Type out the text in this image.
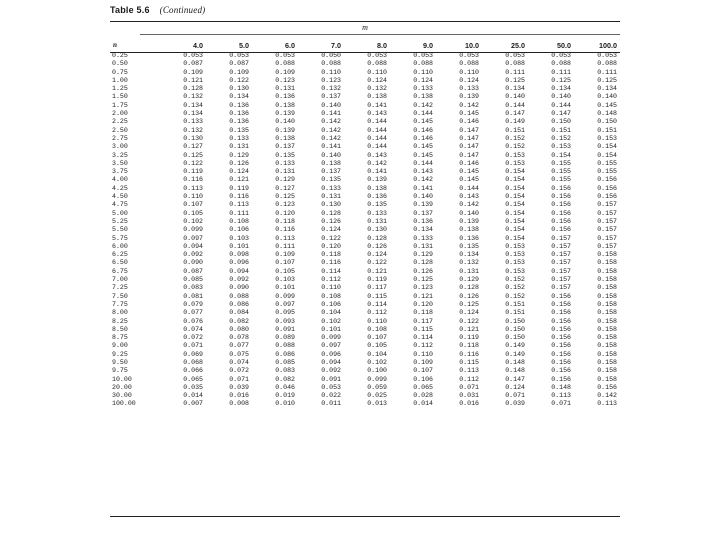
Table 5.6 (Continued)
m
n	4.0	5.0	6.0	7.0	8.0	9.0	10.0	25.0	50.0	100.0
0.25	0.053	0.053	0.053	0.050	0.053	0.053	0.053	0.053	0.053	0.053
0.50	0.087	0.087	0.088	0.088	0.088	0.088	0.088	0.088	0.088	0.088
0.75	0.109	0.109	0.109	0.110	0.110	0.110	0.110	0.111	0.111	0.111
1.00	0.121	0.122	0.123	0.123	0.124	0.124	0.124	0.125	0.125	0.125
1.25	0.128	0.130	0.131	0.132	0.132	0.133	0.133	0.134	0.134	0.134
1.50	0.132	0.134	0.136	0.137	0.138	0.138	0.139	0.140	0.140	0.140
1.75	0.134	0.136	0.138	0.140	0.141	0.142	0.142	0.144	0.144	0.145
2.00	0.134	0.136	0.139	0.141	0.143	0.144	0.145	0.147	0.147	0.148
2.25	0.133	0.136	0.140	0.142	0.144	0.145	0.146	0.149	0.150	0.150
2.50	0.132	0.135	0.139	0.142	0.144	0.146	0.147	0.151	0.151	0.151
2.75	0.130	0.133	0.138	0.142	0.144	0.146	0.147	0.152	0.152	0.153
3.00	0.127	0.131	0.137	0.141	0.144	0.145	0.147	0.152	0.153	0.154
3.25	0.125	0.129	0.135	0.140	0.143	0.145	0.147	0.153	0.154	0.154
3.50	0.122	0.126	0.133	0.138	0.142	0.144	0.146	0.153	0.155	0.155
3.75	0.119	0.124	0.131	0.137	0.141	0.143	0.145	0.154	0.155	0.155
4.00	0.116	0.121	0.129	0.135	0.139	0.142	0.145	0.154	0.155	0.156
4.25	0.113	0.119	0.127	0.133	0.138	0.141	0.144	0.154	0.156	0.156
4.50	0.110	0.116	0.125	0.131	0.136	0.140	0.143	0.154	0.156	0.156
4.75	0.107	0.113	0.123	0.130	0.135	0.139	0.142	0.154	0.156	0.157
5.00	0.105	0.111	0.120	0.128	0.133	0.137	0.140	0.154	0.156	0.157
5.25	0.102	0.108	0.118	0.126	0.131	0.136	0.139	0.154	0.156	0.157
5.50	0.099	0.106	0.116	0.124	0.130	0.134	0.138	0.154	0.156	0.157
5.75	0.097	0.103	0.113	0.122	0.128	0.133	0.136	0.154	0.157	0.157
6.00	0.094	0.101	0.111	0.120	0.126	0.131	0.135	0.153	0.157	0.157
6.25	0.092	0.098	0.109	0.118	0.124	0.129	0.134	0.153	0.157	0.158
6.50	0.090	0.096	0.107	0.116	0.122	0.128	0.132	0.153	0.157	0.158
6.75	0.087	0.094	0.105	0.114	0.121	0.126	0.131	0.153	0.157	0.158
7.00	0.085	0.092	0.103	0.112	0.119	0.125	0.129	0.152	0.157	0.158
7.25	0.083	0.090	0.101	0.110	0.117	0.123	0.128	0.152	0.157	0.158
7.50	0.081	0.088	0.099	0.108	0.115	0.121	0.126	0.152	0.156	0.158
7.75	0.079	0.086	0.097	0.106	0.114	0.120	0.125	0.151	0.156	0.158
8.00	0.077	0.084	0.095	0.104	0.112	0.118	0.124	0.151	0.156	0.158
8.25	0.076	0.082	0.093	0.102	0.110	0.117	0.122	0.150	0.156	0.158
8.50	0.074	0.080	0.091	0.101	0.108	0.115	0.121	0.150	0.156	0.158
8.75	0.072	0.078	0.089	0.099	0.107	0.114	0.119	0.150	0.156	0.158
9.00	0.071	0.077	0.088	0.097	0.105	0.112	0.118	0.149	0.156	0.158
9.25	0.069	0.075	0.086	0.096	0.104	0.110	0.116	0.149	0.156	0.158
9.50	0.068	0.074	0.085	0.094	0.102	0.109	0.115	0.148	0.156	0.158
9.75	0.066	0.072	0.083	0.092	0.100	0.107	0.113	0.148	0.156	0.158
10.00	0.065	0.071	0.082	0.091	0.099	0.106	0.112	0.147	0.156	0.158
20.00	0.035	0.039	0.046	0.053	0.059	0.065	0.071	0.124	0.148	0.156
30.00	0.014	0.016	0.019	0.022	0.025	0.028	0.031	0.071	0.113	0.142
100.00	0.007	0.008	0.010	0.011	0.013	0.014	0.016	0.039	0.071	0.113
